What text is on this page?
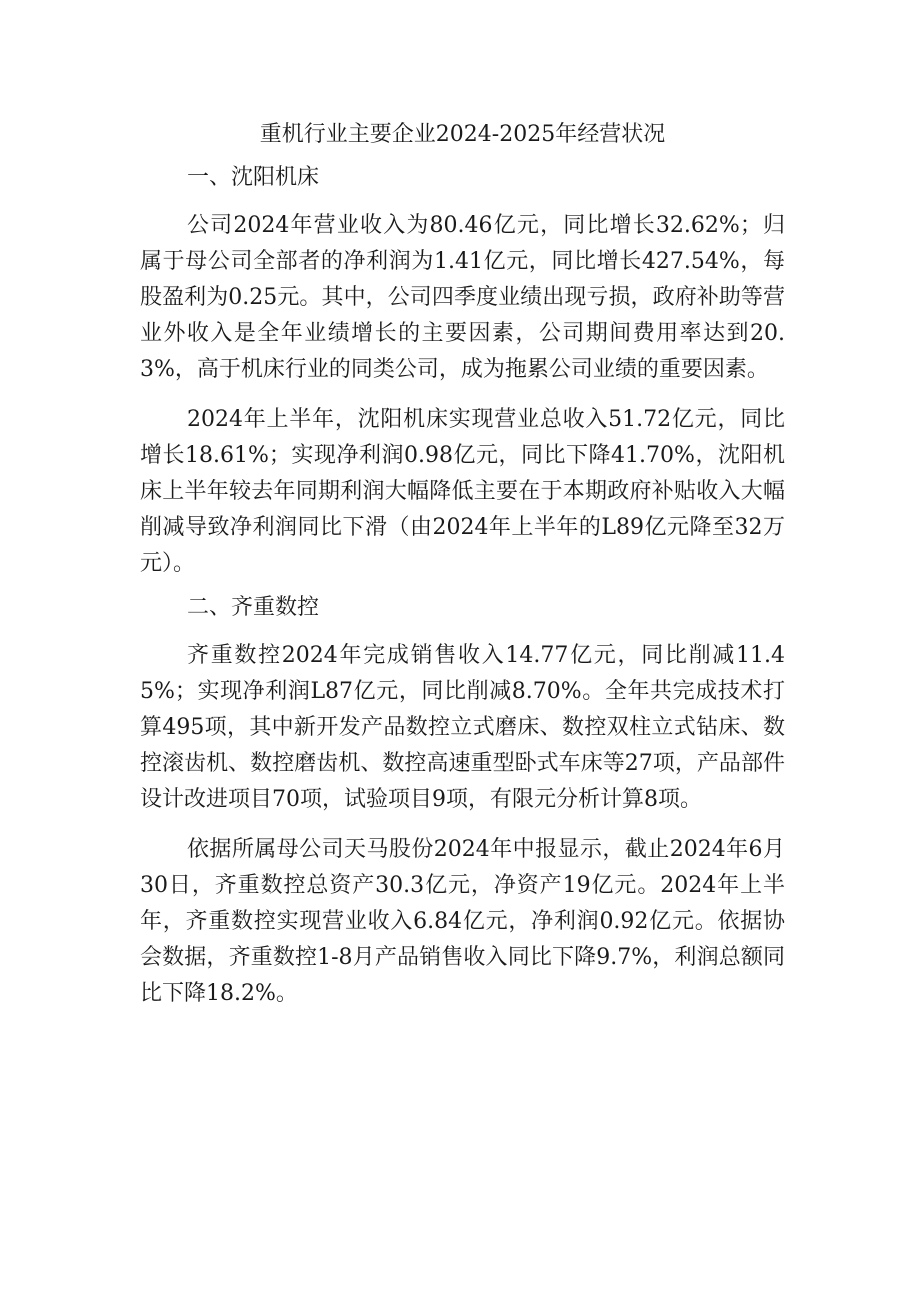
重机行业主要企业2024-2025年经营状况
一、沈阳机床

公司2024年营业收入为80.46亿元，同比增长32.62%；归属于母公司全部者的净利润为1.41亿元，同比增长427.54%，每股盈利为0.25元。其中，公司四季度业绩出现亏损，政府补助等营业外收入是全年业绩增长的主要因素，公司期间费用率达到20.3%，高于机床行业的同类公司，成为拖累公司业绩的重要因素。

2024年上半年，沈阳机床实现营业总收入51.72亿元，同比增长18.61%；实现净利润0.98亿元，同比下降41.70%，沈阳机床上半年较去年同期利润大幅降低主要在于本期政府补贴收入大幅削减导致净利润同比下滑（由2024年上半年的L89亿元降至32万元）。

二、齐重数控

齐重数控2024年完成销售收入14.77亿元，同比削减11.45%；实现净利润L87亿元，同比削减8.70%。全年共完成技术打算495项，其中新开发产品数控立式磨床、数控双柱立式钻床、数控滚齿机、数控磨齿机、数控高速重型卧式车床等27项，产品部件设计改进项目70项，试验项目9项，有限元分析计算8项。

依据所属母公司天马股份2024年中报显示，截止2024年6月30日，齐重数控总资产30.3亿元，净资产19亿元。2024年上半年，齐重数控实现营业收入6.84亿元，净利润0.92亿元。依据协会数据，齐重数控1-8月产品销售收入同比下降9.7%，利润总额同比下降18.2%。
